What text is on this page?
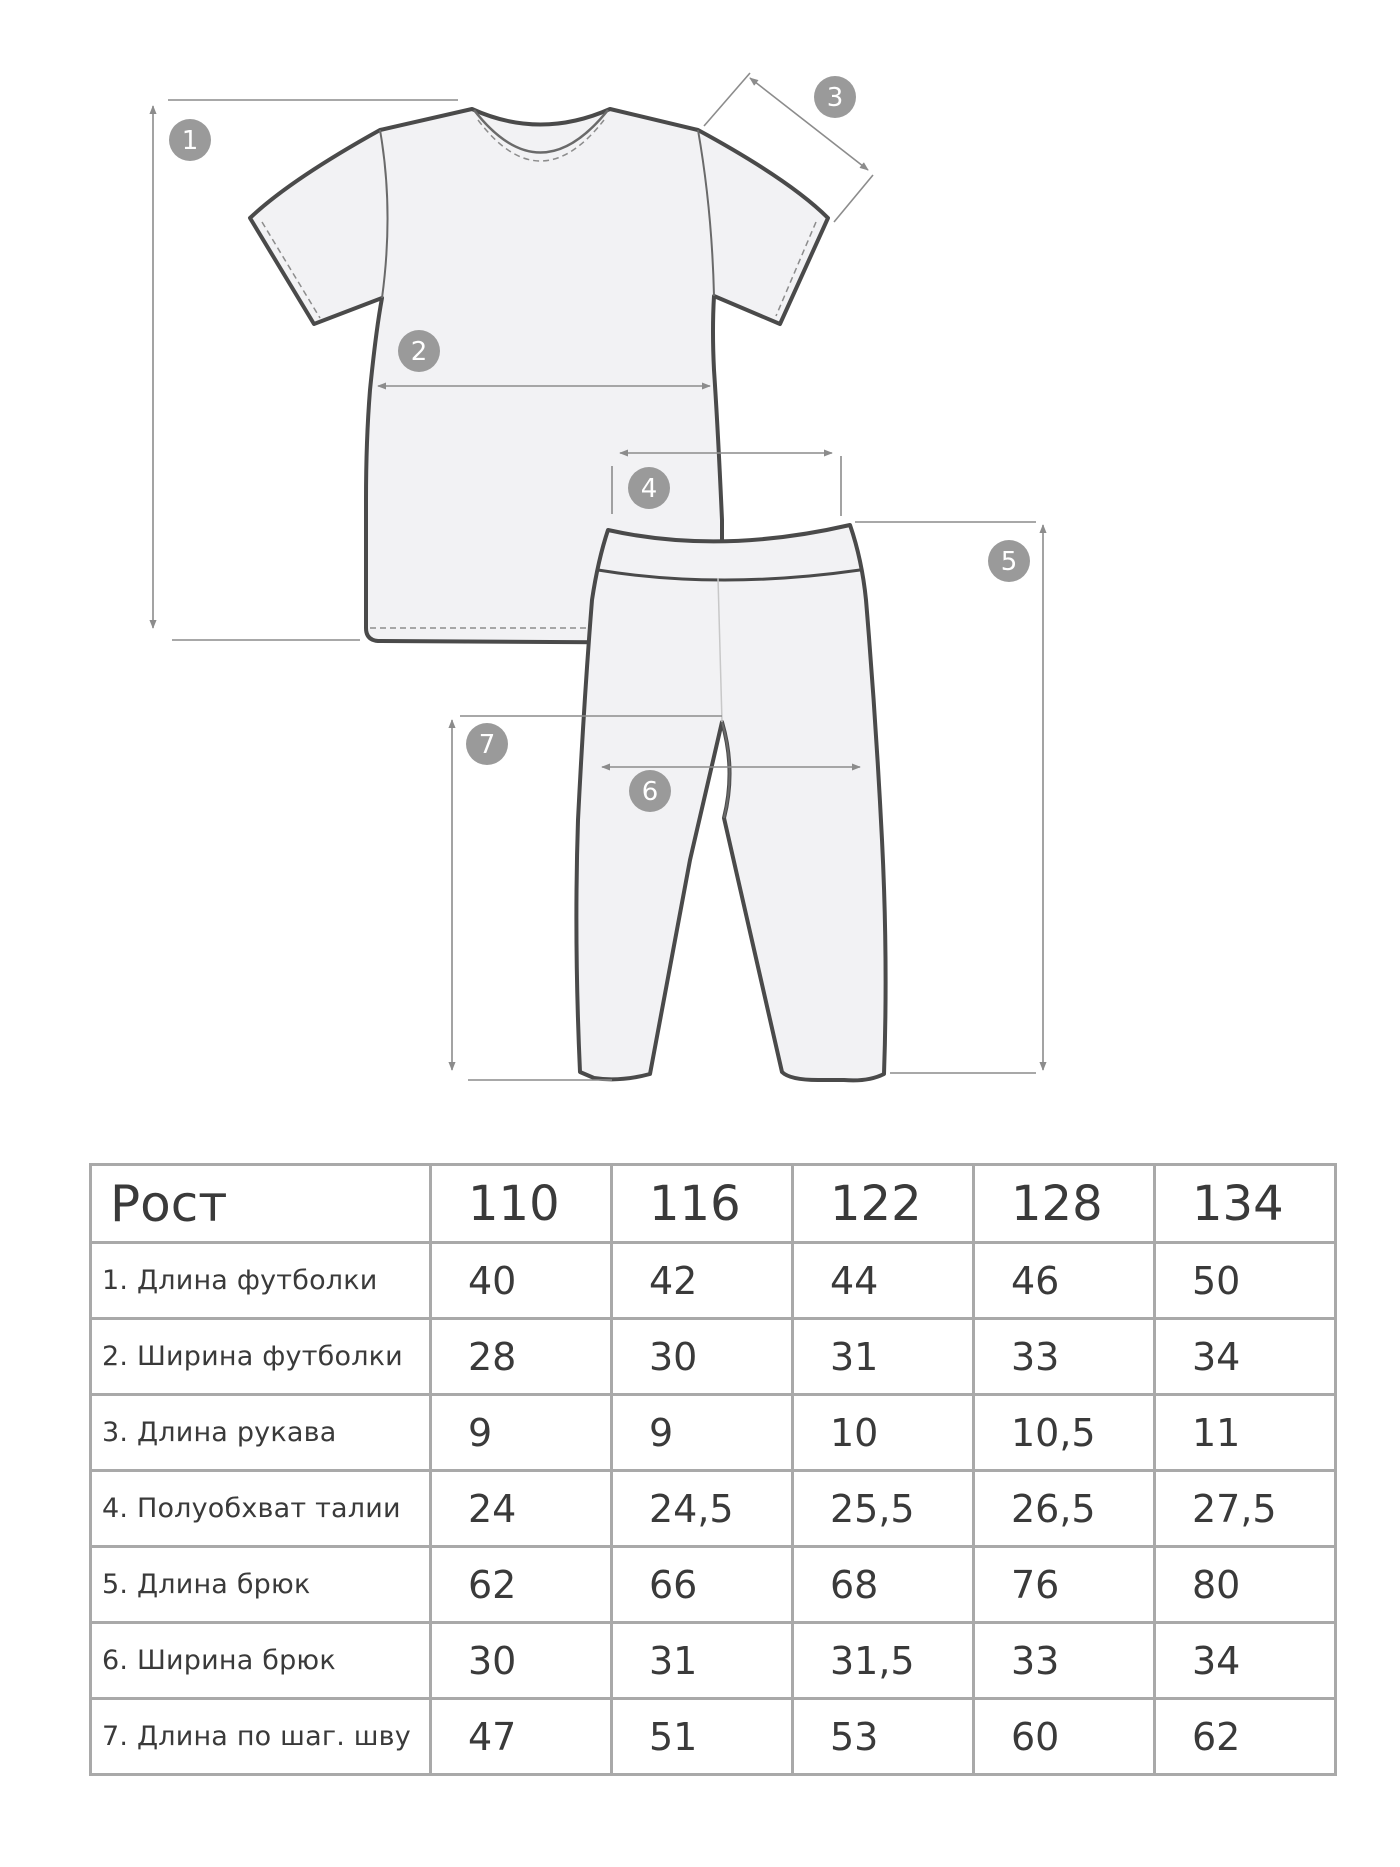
1
2
3
4
5
6
7
Рост	110	116	122	128	134
1. Длина футболки	40	42	44	46	50
2. Ширина футболки	28	30	31	33	34
3. Длина рукава	9	9	10	10,5	11
4. Полуобхват талии	24	24,5	25,5	26,5	27,5
5. Длина брюк	62	66	68	76	80
6. Ширина брюк	30	31	31,5	33	34
7. Длина по шаг. шву	47	51	53	60	62
